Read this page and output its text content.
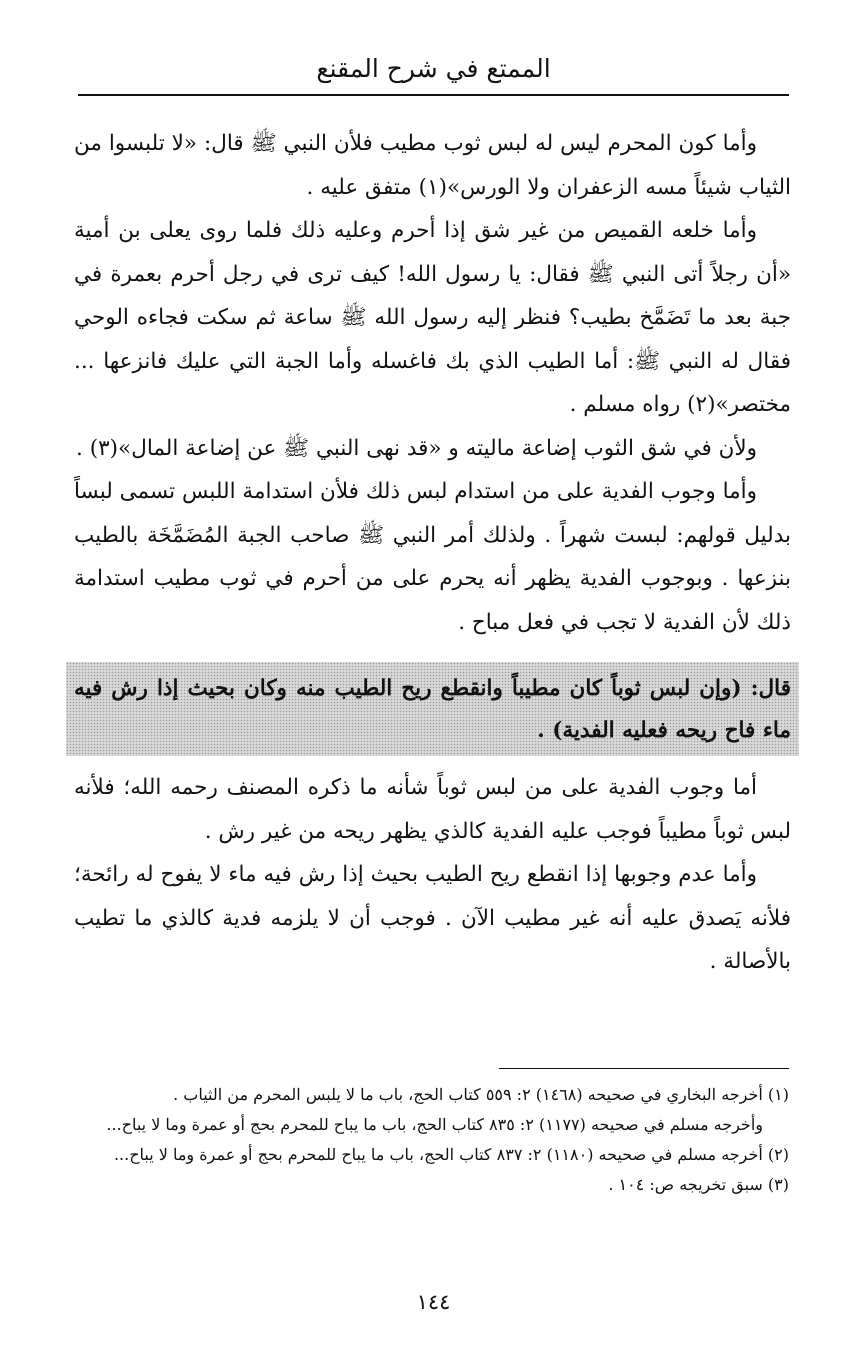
الممتع في شرح المقنع

وأما كون المحرم ليس له لبس ثوب مطيب فلأن النبي ﷺ قال: «لا تلبسوا من الثياب شيئاً مسه الزعفران ولا الورس»(١) متفق عليه .

وأما خلعه القميص من غير شق إذا أحرم وعليه ذلك فلما روى يعلى بن أمية «أن رجلاً أتى النبي ﷺ فقال: يا رسول الله! كيف ترى في رجل أحرم بعمرة في جبة بعد ما تَضَمَّخ بطيب؟ فنظر إليه رسول الله ﷺ ساعة ثم سكت فجاءه الوحي فقال له النبي ﷺ: أما الطيب الذي بك فاغسله وأما الجبة التي عليك فانزعها ... مختصر»(٢) رواه مسلم .

ولأن في شق الثوب إضاعة ماليته و «قد نهى النبي ﷺ عن إضاعة المال»(٣) .

وأما وجوب الفدية على من استدام لبس ذلك فلأن استدامة اللبس تسمى لبساً بدليل قولهم: لبست شهراً . ولذلك أمر النبي ﷺ صاحب الجبة المُضَمَّخَة بالطيب بنزعها . وبوجوب الفدية يظهر أنه يحرم على من أحرم في ثوب مطيب استدامة ذلك لأن الفدية لا تجب في فعل مباح .

قال: (وإن لبس ثوباً كان مطيباً وانقطع ريح الطيب منه وكان بحيث إذا رش فيه ماء فاح ريحه فعليه الفدية) .

أما وجوب الفدية على من لبس ثوباً شأنه ما ذكره المصنف رحمه الله؛ فلأنه لبس ثوباً مطيباً فوجب عليه الفدية كالذي يظهر ريحه من غير رش .

وأما عدم وجوبها إذا انقطع ريح الطيب بحيث إذا رش فيه ماء لا يفوح له رائحة؛ فلأنه يَصدق عليه أنه غير مطيب الآن . فوجب أن لا يلزمه فدية كالذي ما تطيب بالأصالة .

(١) أخرجه البخاري في صحيحه (١٤٦٨) ٢: ٥٥٩ كتاب الحج، باب ما لا يلبس المحرم من الثياب .

وأخرجه مسلم في صحيحه (١١٧٧) ٢: ٨٣٥ كتاب الحج، باب ما يباح للمحرم بحج أو عمرة وما لا يباح...

(٢) أخرجه مسلم في صحيحه (١١٨٠) ٢: ٨٣٧ كتاب الحج، باب ما يباح للمحرم بحج أو عمرة وما لا يباح...

(٣) سبق تخريجه ص: ١٠٤ .

١٤٤
